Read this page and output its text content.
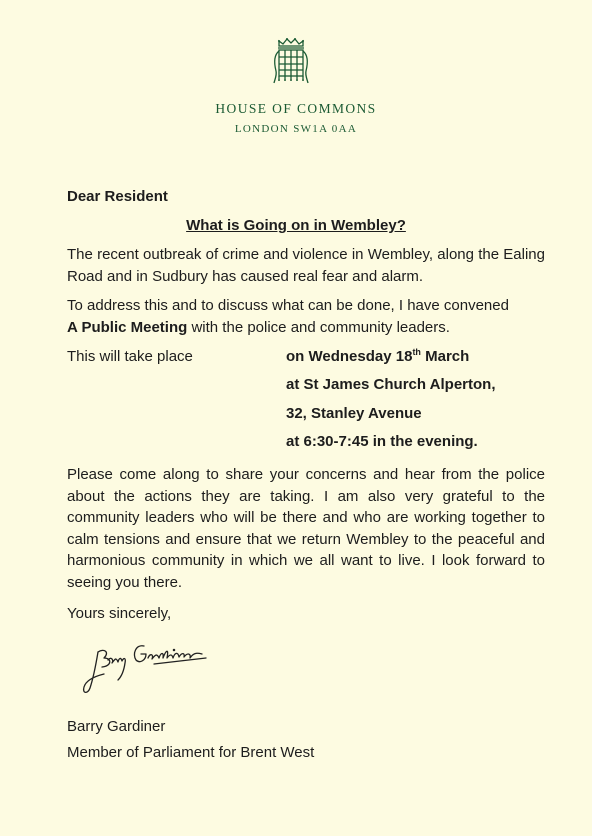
HOUSE OF COMMONS
LONDON SW1A 0AA
Dear Resident
What is Going on in Wembley?
The recent outbreak of crime and violence in Wembley, along the Ealing Road and in Sudbury has caused real fear and alarm.
To address this and to discuss what can be done, I have convened
A Public Meeting with the police and community leaders.
This will take place	on Wednesday 18th March
at St James Church Alperton,
32, Stanley Avenue
at 6:30-7:45 in the evening.
Please come along to share your concerns and hear from the police about the actions they are taking. I am also very grateful to the community leaders who will be there and who are working together to calm tensions and ensure that we return Wembley to the peaceful and harmonious community in which we all want to live. I look forward to seeing you there.
Yours sincerely,
Barry Gardiner
Member of Parliament for Brent West
